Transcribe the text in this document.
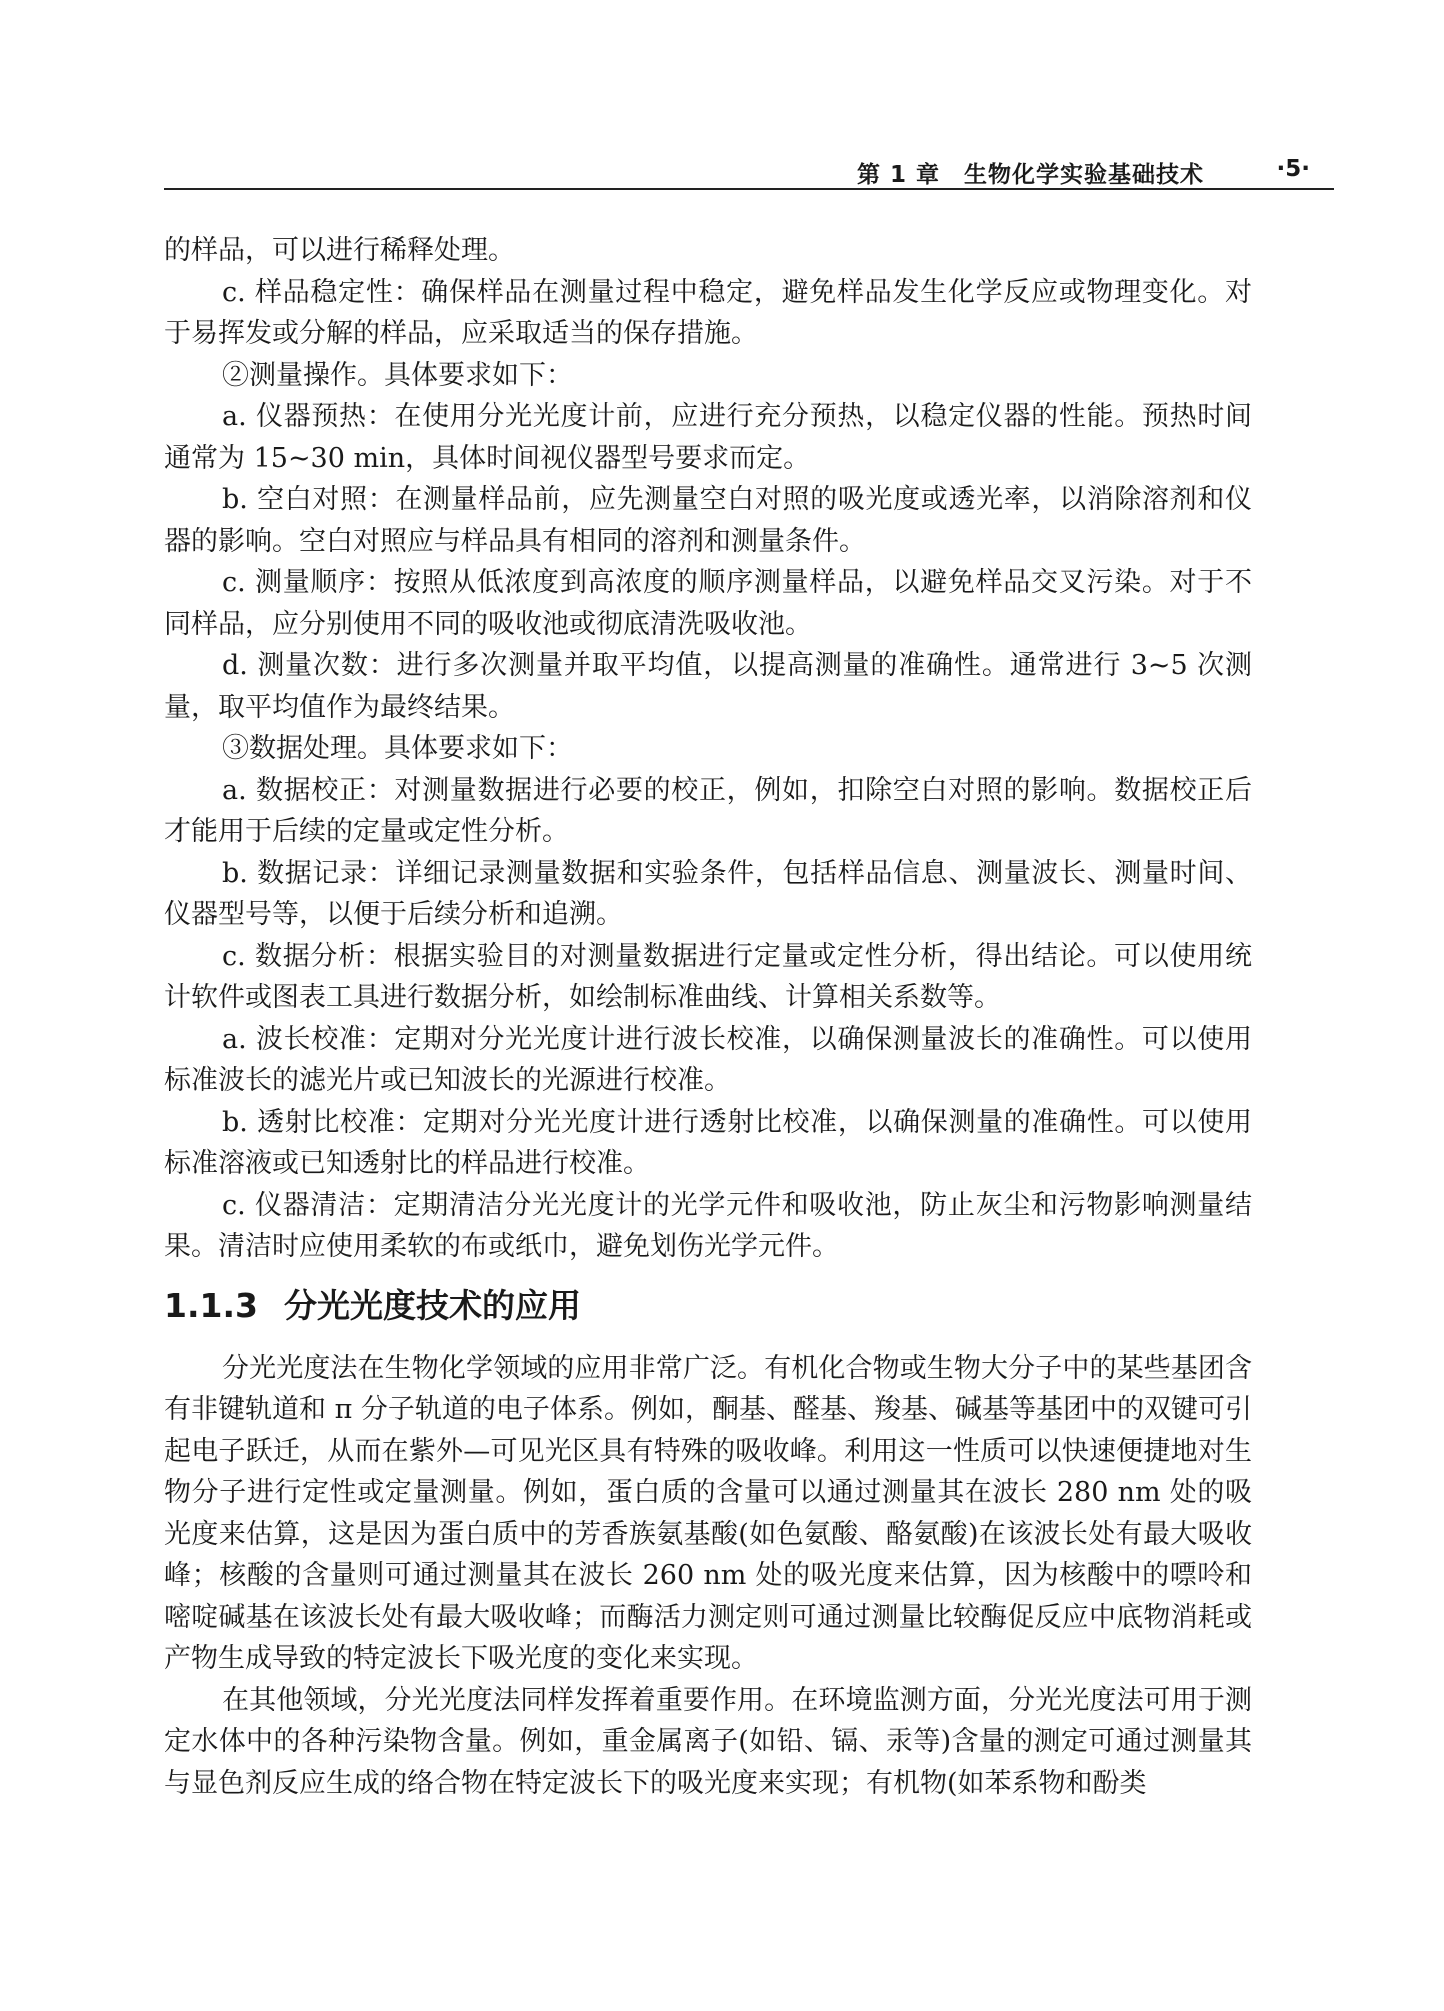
第 1 章　生物化学实验基础技术	·5·

的样品，可以进行稀释处理。

c. 样品稳定性：确保样品在测量过程中稳定，避免样品发生化学反应或物理变化。对于易挥发或分解的样品，应采取适当的保存措施。

②测量操作。具体要求如下：

a. 仪器预热：在使用分光光度计前，应进行充分预热，以稳定仪器的性能。预热时间通常为 15~30 min，具体时间视仪器型号要求而定。

b. 空白对照：在测量样品前，应先测量空白对照的吸光度或透光率，以消除溶剂和仪器的影响。空白对照应与样品具有相同的溶剂和测量条件。

c. 测量顺序：按照从低浓度到高浓度的顺序测量样品，以避免样品交叉污染。对于不同样品，应分别使用不同的吸收池或彻底清洗吸收池。

d. 测量次数：进行多次测量并取平均值，以提高测量的准确性。通常进行 3~5 次测量，取平均值作为最终结果。

③数据处理。具体要求如下：

a. 数据校正：对测量数据进行必要的校正，例如，扣除空白对照的影响。数据校正后才能用于后续的定量或定性分析。

b. 数据记录：详细记录测量数据和实验条件，包括样品信息、测量波长、测量时间、仪器型号等，以便于后续分析和追溯。

c. 数据分析：根据实验目的对测量数据进行定量或定性分析，得出结论。可以使用统计软件或图表工具进行数据分析，如绘制标准曲线、计算相关系数等。

a. 波长校准：定期对分光光度计进行波长校准，以确保测量波长的准确性。可以使用标准波长的滤光片或已知波长的光源进行校准。

b. 透射比校准：定期对分光光度计进行透射比校准，以确保测量的准确性。可以使用标准溶液或已知透射比的样品进行校准。

c. 仪器清洁：定期清洁分光光度计的光学元件和吸收池，防止灰尘和污物影响测量结果。清洁时应使用柔软的布或纸巾，避免划伤光学元件。

1.1.3 分光光度技术的应用

分光光度法在生物化学领域的应用非常广泛。有机化合物或生物大分子中的某些基团含有非键轨道和 π 分子轨道的电子体系。例如，酮基、醛基、羧基、碱基等基团中的双键可引起电子跃迁，从而在紫外—可见光区具有特殊的吸收峰。利用这一性质可以快速便捷地对生物分子进行定性或定量测量。例如，蛋白质的含量可以通过测量其在波长 280 nm 处的吸光度来估算，这是因为蛋白质中的芳香族氨基酸(如色氨酸、酪氨酸)在该波长处有最大吸收峰；核酸的含量则可通过测量其在波长 260 nm 处的吸光度来估算，因为核酸中的嘌呤和嘧啶碱基在该波长处有最大吸收峰；而酶活力测定则可通过测量比较酶促反应中底物消耗或产物生成导致的特定波长下吸光度的变化来实现。

在其他领域，分光光度法同样发挥着重要作用。在环境监测方面，分光光度法可用于测定水体中的各种污染物含量。例如，重金属离子(如铅、镉、汞等)含量的测定可通过测量其与显色剂反应生成的络合物在特定波长下的吸光度来实现；有机物(如苯系物和酚类
